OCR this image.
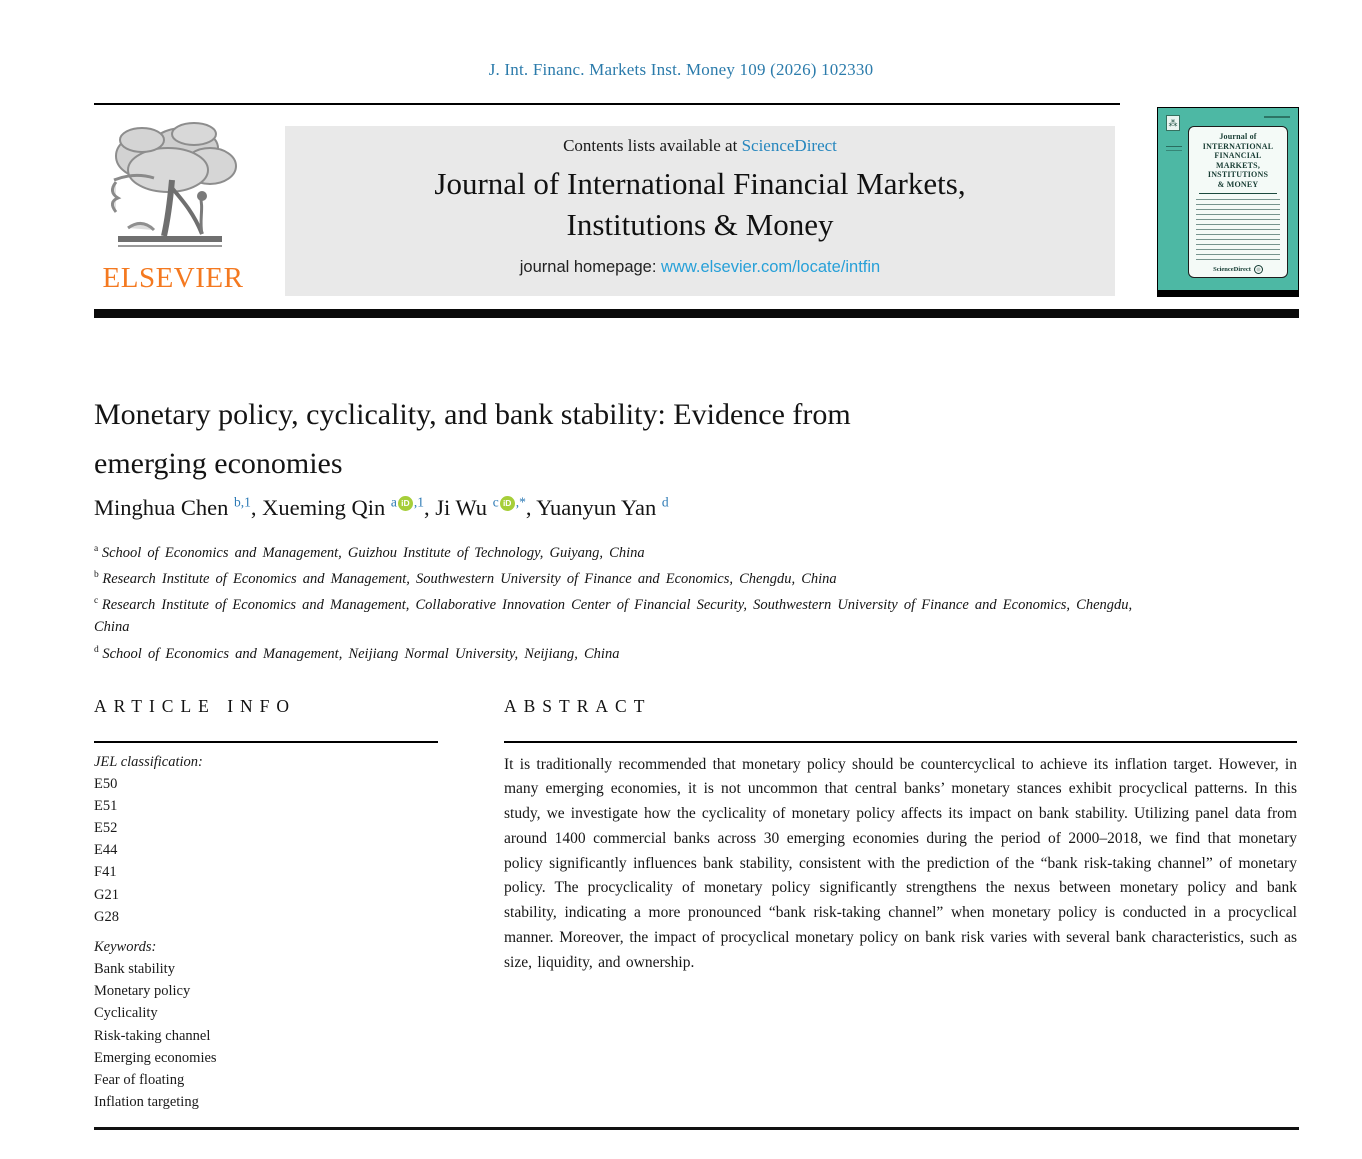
J. Int. Financ. Markets Inst. Money 109 (2026) 102330
ELSEVIER
Contents lists available at ScienceDirect
Journal of International Financial Markets,
Institutions & Money
journal homepage: www.elsevier.com/locate/intfin
⁂
Journal of
INTERNATIONAL
FINANCIAL
MARKETS,
INSTITUTIONS
& MONEY
ScienceDirect
Monetary policy, cyclicality, and bank stability: Evidence from
emerging economies
Minghua Chen $^{b,1}$, Xueming Qin $^a$ iD $^{,1}$, Ji Wu $^c$ iD ,*, Yuanyun Yan $^d$
$^a$ School of Economics and Management, Guizhou Institute of Technology, Guiyang, China
$^b$ Research Institute of Economics and Management, Southwestern University of Finance and Economics, Chengdu, China
$^c$ Research Institute of Economics and Management, Collaborative Innovation Center of Financial Security, Southwestern University of Finance and Economics, Chengdu, China
$^d$ School of Economics and Management, Neijiang Normal University, Neijiang, China
ARTICLE INFO
JEL classification:
E50
E51
E52
E44
F41
G21
G28
Keywords:
Bank stability
Monetary policy
Cyclicality
Risk-taking channel
Emerging economies
Fear of floating
Inflation targeting
ABSTRACT
It is traditionally recommended that monetary policy should be countercyclical to achieve its inflation target. However, in many emerging economies, it is not uncommon that central banks’ monetary stances exhibit procyclical patterns. In this study, we investigate how the cyclicality of monetary policy affects its impact on bank stability. Utilizing panel data from around 1400 commercial banks across 30 emerging economies during the period of 2000–2018, we find that monetary policy significantly influences bank stability, consistent with the prediction of the “bank risk-taking channel” of monetary policy. The procyclicality of monetary policy significantly strengthens the nexus between monetary policy and bank stability, indicating a more pronounced “bank risk-taking channel” when monetary policy is conducted in a procyclical manner. Moreover, the impact of procyclical monetary policy on bank risk varies with several bank characteristics, such as size, liquidity, and ownership.
